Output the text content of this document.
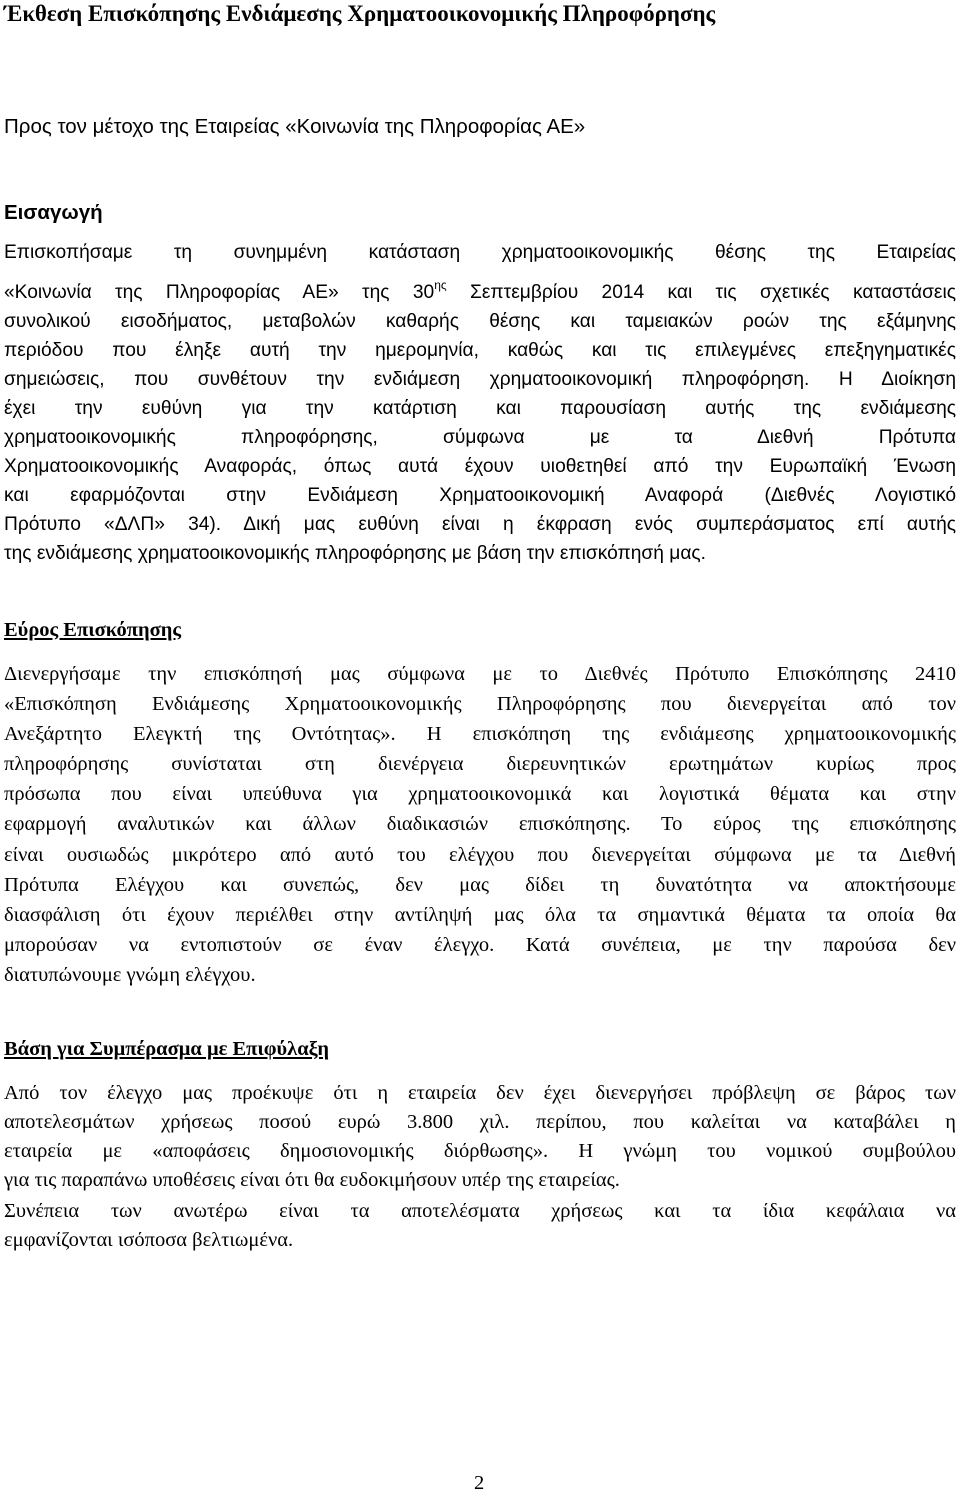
Έκθεση Επισκόπησης Ενδιάμεσης Χρηματοοικονομικής Πληροφόρησης

Προς τον μέτοχο της Εταιρείας «Κοινωνία της Πληροφορίας ΑΕ»

Εισαγωγή
Επισκοπήσαμε τη συνημμένη κατάσταση χρηματοοικονομικής θέσης της Εταιρείας
«Κοινωνία της Πληροφορίας ΑΕ» της $30^{\eta\varsigma}$ Σεπτεμβρίου 2014 και τις σχετικές καταστάσεις
συνολικού εισοδήματος, μεταβολών καθαρής θέσης και ταμειακών ροών της εξάμηνης
περιόδου που έληξε αυτή την ημερομηνία, καθώς και τις επιλεγμένες επεξηγηματικές
σημειώσεις, που συνθέτουν την ενδιάμεση χρηματοοικονομική πληροφόρηση. Η Διοίκηση
έχει την ευθύνη για την κατάρτιση και παρουσίαση αυτής της ενδιάμεσης
χρηματοοικονομικής πληροφόρησης, σύμφωνα με τα Διεθνή Πρότυπα
Χρηματοοικονομικής Αναφοράς, όπως αυτά έχουν υιοθετηθεί από την Ευρωπαϊκή Ένωση
και εφαρμόζονται στην Ενδιάμεση Χρηματοοικονομική Αναφορά (Διεθνές Λογιστικό
Πρότυπο «ΔΛΠ» 34). Δική μας ευθύνη είναι η έκφραση ενός συμπεράσματος επί αυτής
της ενδιάμεσης χρηματοοικονομικής πληροφόρησης με βάση την επισκόπησή μας.
Εύρος Επισκόπησης
Διενεργήσαμε την επισκόπησή μας σύμφωνα με το Διεθνές Πρότυπο Επισκόπησης 2410
«Επισκόπηση Ενδιάμεσης Χρηματοοικονομικής Πληροφόρησης που διενεργείται από τον
Ανεξάρτητο Ελεγκτή της Οντότητας». Η επισκόπηση της ενδιάμεσης χρηματοοικονομικής
πληροφόρησης συνίσταται στη διενέργεια διερευνητικών ερωτημάτων κυρίως προς
πρόσωπα που είναι υπεύθυνα για χρηματοοικονομικά και λογιστικά θέματα και στην
εφαρμογή αναλυτικών και άλλων διαδικασιών επισκόπησης. Το εύρος της επισκόπησης
είναι ουσιωδώς μικρότερο από αυτό του ελέγχου που διενεργείται σύμφωνα με τα Διεθνή
Πρότυπα Ελέγχου και συνεπώς, δεν μας δίδει τη δυνατότητα να αποκτήσουμε
διασφάλιση ότι έχουν περιέλθει στην αντίληψή μας όλα τα σημαντικά θέματα τα οποία θα
μπορούσαν να εντοπιστούν σε έναν έλεγχο. Κατά συνέπεια, με την παρούσα δεν
διατυπώνουμε γνώμη ελέγχου.
Βάση για Συμπέρασμα με Επιφύλαξη
Από τον έλεγχο μας προέκυψε ότι η εταιρεία δεν έχει διενεργήσει πρόβλεψη σε βάρος των
αποτελεσμάτων χρήσεως ποσού ευρώ 3.800 χιλ. περίπου, που καλείται να καταβάλει η
εταιρεία με «αποφάσεις δημοσιονομικής διόρθωσης». Η γνώμη του νομικού συμβούλου
για τις παραπάνω υποθέσεις είναι ότι θα ευδοκιμήσουν υπέρ της εταιρείας.
Συνέπεια των ανωτέρω είναι τα αποτελέσματα χρήσεως και τα ίδια κεφάλαια να
εμφανίζονται ισόποσα βελτιωμένα.
2
